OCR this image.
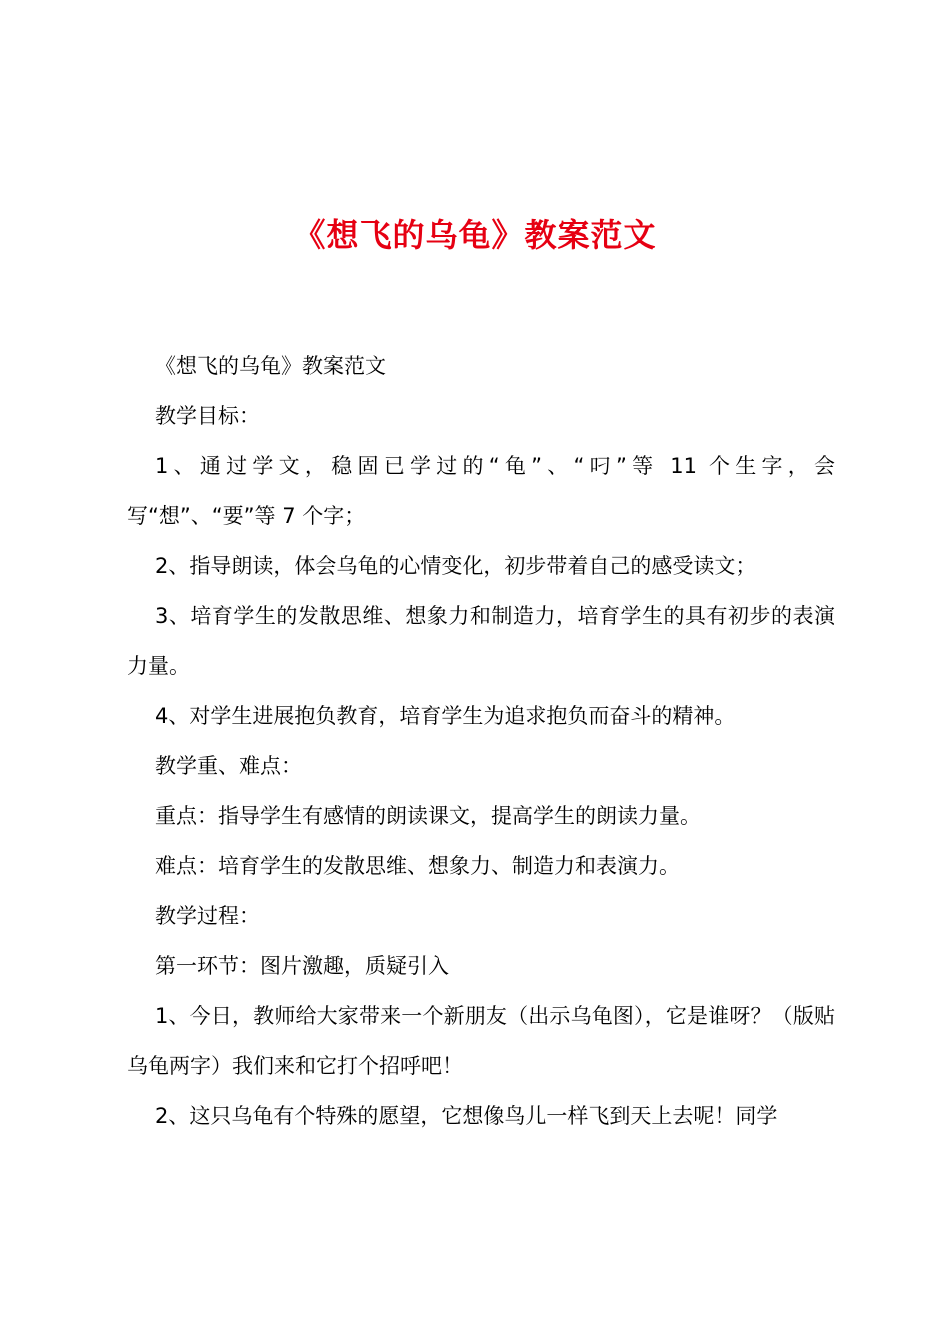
《想飞的乌龟》教案范文

《想飞的乌龟》教案范文

教学目标：

1、通过学文，稳固已学过的“龟”、“叼”等 11 个生字，会写“想”、“要”等 7 个字；

2、指导朗读，体会乌龟的心情变化，初步带着自己的感受读文；

3、培育学生的发散思维、想象力和制造力，培育学生的具有初步的表演力量。

4、对学生进展抱负教育，培育学生为追求抱负而奋斗的精神。

教学重、难点：

重点：指导学生有感情的朗读课文，提高学生的朗读力量。

难点：培育学生的发散思维、想象力、制造力和表演力。

教学过程：

第一环节：图片激趣，质疑引入

1、今日，教师给大家带来一个新朋友（出示乌龟图），它是谁呀？（版贴乌龟两字）我们来和它打个招呼吧！

2、这只乌龟有个特殊的愿望，它想像鸟儿一样飞到天上去呢！同学
